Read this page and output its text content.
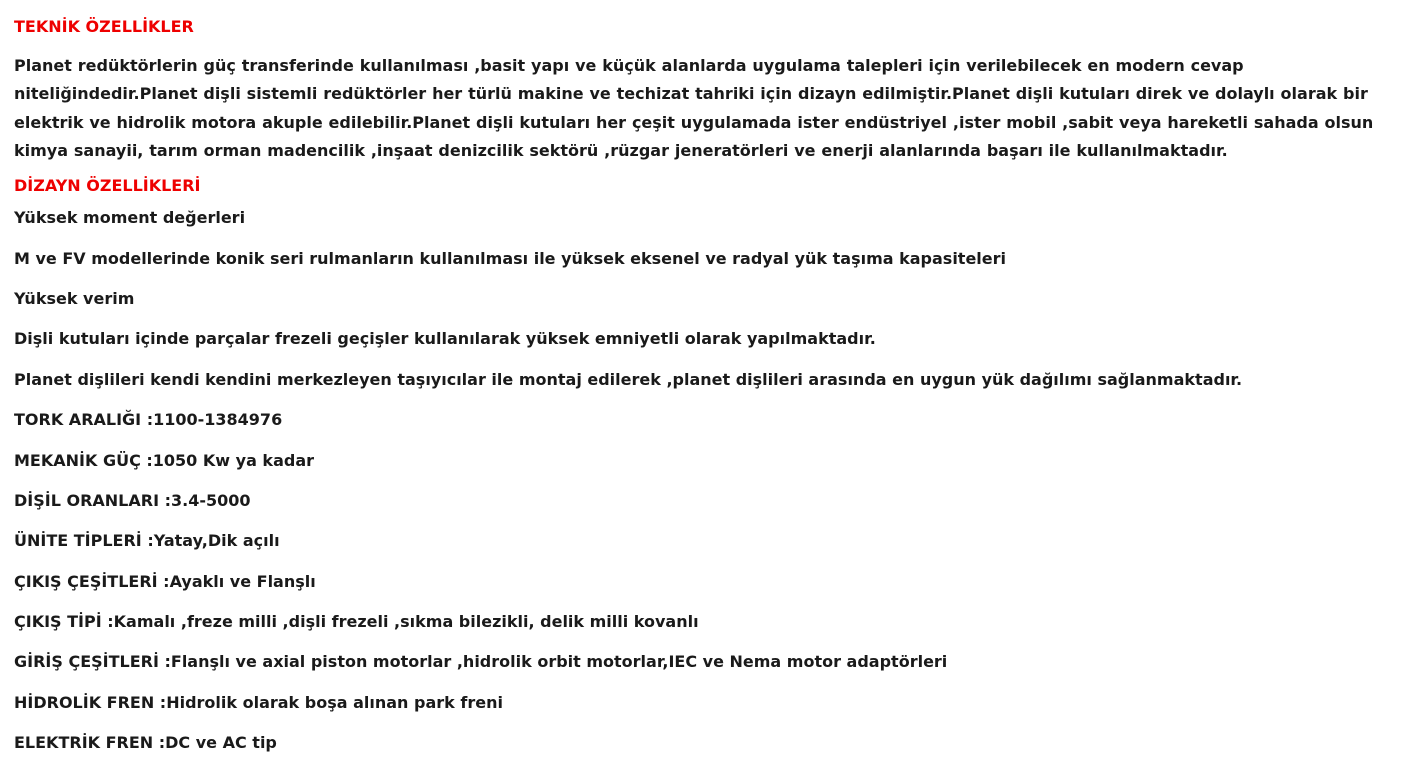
TEKNİK ÖZELLİKLER

Planet redüktörlerin güç transferinde kullanılması ,basit yapı ve küçük alanlarda uygulama talepleri için verilebilecek en modern cevap niteliğindedir.Planet dişli sistemli redüktörler her türlü makine ve techizat tahriki için dizayn edilmiştir.Planet dişli kutuları direk ve dolaylı olarak bir elektrik ve hidrolik motora akuple edilebilir.Planet dişli kutuları her çeşit uygulamada ister endüstriyel ,ister mobil ,sabit veya hareketli sahada olsun kimya sanayii, tarım orman madencilik ,inşaat denizcilik sektörü ,rüzgar jeneratörleri ve enerji alanlarında başarı ile kullanılmaktadır.

DİZAYN ÖZELLİKLERİ

Yüksek moment değerleri

M ve FV modellerinde konik seri rulmanların kullanılması ile yüksek eksenel ve radyal yük taşıma kapasiteleri

Yüksek verim

Dişli kutuları içinde parçalar frezeli geçişler kullanılarak yüksek emniyetli olarak yapılmaktadır.

Planet dişlileri kendi kendini merkezleyen taşıyıcılar ile montaj edilerek ,planet dişlileri arasında en uygun yük dağılımı sağlanmaktadır.

TORK ARALIĞI :1100-1384976

MEKANİK GÜÇ :1050 Kw ya kadar

DİŞİL ORANLARI :3.4-5000

ÜNİTE TİPLERİ :Yatay,Dik açılı

ÇIKIŞ ÇEŞİTLERİ :Ayaklı ve Flanşlı

ÇIKIŞ TİPİ :Kamalı ,freze milli ,dişli frezeli ,sıkma bilezikli, delik milli kovanlı

GİRİŞ ÇEŞİTLERİ :Flanşlı ve axial piston motorlar ,hidrolik orbit motorlar,IEC ve Nema motor adaptörleri

HİDROLİK FREN :Hidrolik olarak boşa alınan park freni

ELEKTRİK FREN :DC ve AC tip
